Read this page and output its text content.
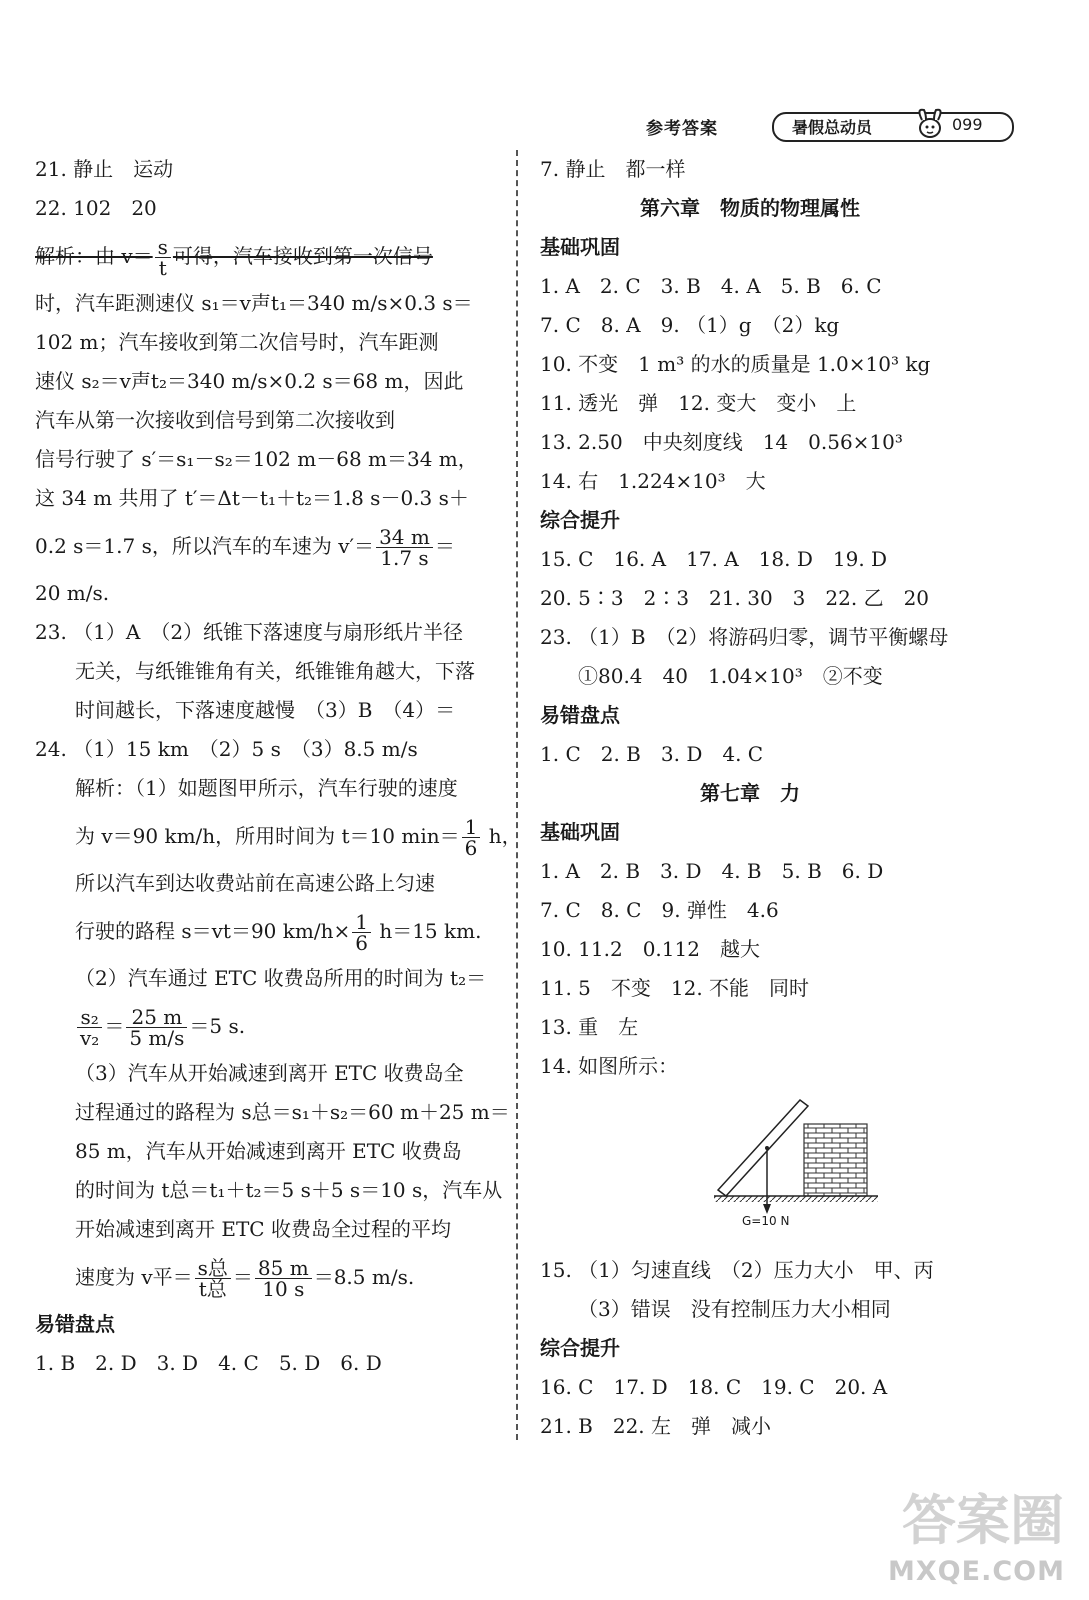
参考答案	暑假总动员	099
21. 静止　运动
22. 102　20
解析：由 $v= \frac{s}{t}$ 可得，汽车接收到第一次信号
时，汽车距测速仪 s₁＝v声t₁＝340 m/s×0.3 s＝
102 m；汽车接收到第二次信号时，汽车距测
速仪 s₂＝v声t₂＝340 m/s×0.2 s＝68 m，因此
汽车从第一次接收到信号到第二次接收到
信号行驶了 s′＝s₁－s₂＝102 m－68 m＝34 m，
这 34 m 共用了 t′＝Δt－t₁＋t₂＝1.8 s－0.3 s＋
0.2 s＝1.7 s，所以汽车的车速为 $v'= \frac{34 m}{1.7 s}$ ＝
20 m/s.
23. （1）A　（2）纸锥下落速度与扇形纸片半径
无关，与纸锥锥角有关，纸锥锥角越大，下落
时间越长，下落速度越慢　（3）B　（4）＝
24. （1）15 km　（2）5 s　（3）8.5 m/s
解析：（1）如题图甲所示，汽车行驶的速度
为 v＝90 km/h，所用时间为 t＝10 $\min= \frac{1}{6}$ h，
所以汽车到达收费站前在高速公路上匀速
行驶的路程 s＝vt＝90 $km/h\times \frac{1}{6} h=15$ km.
（2）汽车通过 ETC 收费岛所用的时间为 t₂＝
$\frac{\text{s₂}}{\text{v₂}} = \frac{25 m}{5 m/s} =5$ s.
（3）汽车从开始减速到离开 ETC 收费岛全
过程通过的路程为 s总＝s₁＋s₂＝60 m＋25 m＝
85 m，汽车从开始减速到离开 ETC 收费岛
的时间为 t总＝t₁＋t₂＝5 s＋5 s＝10 s，汽车从
开始减速到离开 ETC 收费岛全过程的平均
速度为 v平＝ $\frac{\text{s总}}{\text{t总}} = \frac{85 m}{10 s} =8.5$ m/s.
易错盘点
1. B　2. D　3. D　4. C　5. D　6. D
7. 静止　都一样
第六章　物质的物理属性
基础巩固
1. A　2. C　3. B　4. A　5. B　6. C
7. C　8. A　9. （1）g　（2）kg
10. 不变　1 m³ 的水的质量是 1.0×10³ kg
11. 透光　弹　12. 变大　变小　上
13. 2.50　中央刻度线　14　0.56×10³
14. 右　1.224×10³　大
综合提升
15. C　16. A　17. A　18. D　19. D
20. 5∶3　2∶3　21. 30　3　22. 乙　20
23. （1）B　（2）将游码归零，调节平衡螺母
①80.4　40　1.04×10³　②不变
易错盘点
1. C　2. B　3. D　4. C
第七章　力
基础巩固
1. A　2. B　3. D　4. B　5. B　6. D
7. C　8. C　9. 弹性　4.6
10. 11.2　0.112　越大
11. 5　不变　12. 不能　同时
13. 重　左
14. 如图所示：
G=10 N
15. （1）匀速直线　（2）压力大小　甲、丙
（3）错误　没有控制压力大小相同
综合提升
16. C　17. D　18. C　19. C　20. A
21. B　22. 左　弹　减小
答案圈
MXQE.COM
